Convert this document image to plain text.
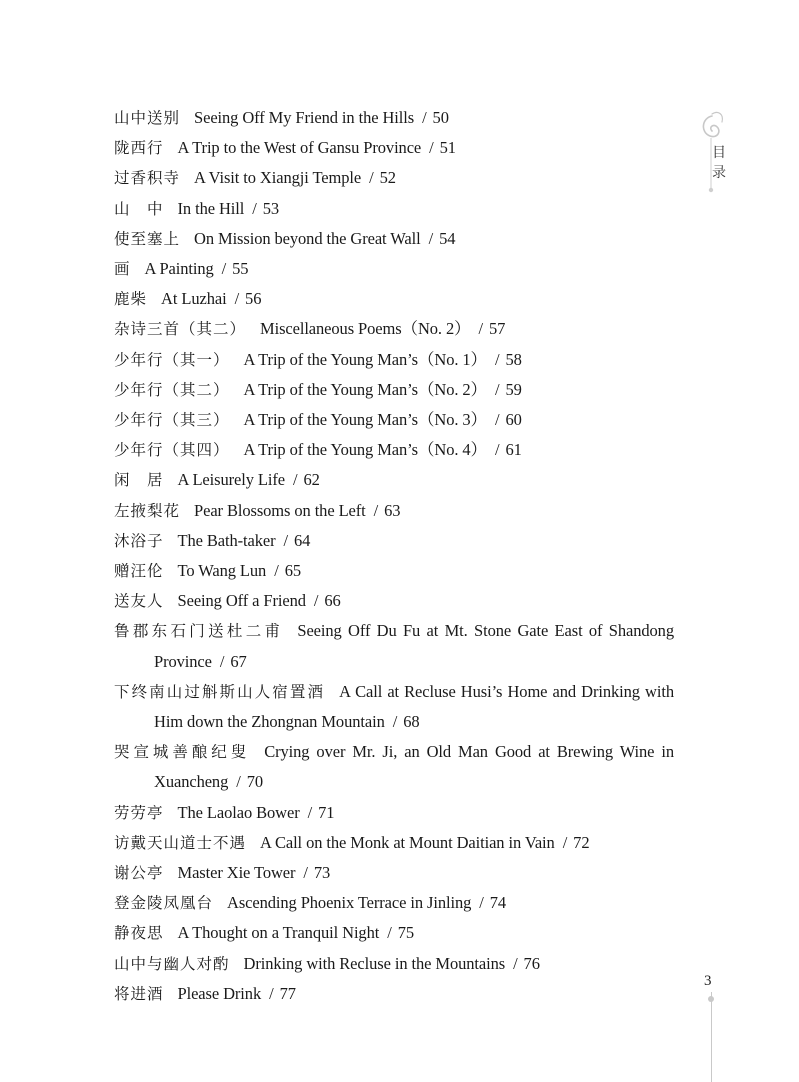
山中送别 Seeing Off My Friend in the Hills / 50
陇西行 A Trip to the West of Gansu Province / 51
过香积寺 A Visit to Xiangji Temple / 52
山　中 In the Hill / 53
使至塞上 On Mission beyond the Great Wall / 54
画 A Painting / 55
鹿柴 At Luzhai / 56
杂诗三首（其二） Miscellaneous Poems（No. 2） / 57
少年行（其一） A Trip of the Young Man’s（No. 1） / 58
少年行（其二） A Trip of the Young Man’s（No. 2） / 59
少年行（其三） A Trip of the Young Man’s（No. 3） / 60
少年行（其四） A Trip of the Young Man’s（No. 4） / 61
闲　居 A Leisurely Life / 62
左掖梨花 Pear Blossoms on the Left / 63
沐浴子 The Bath-taker / 64
赠汪伦 To Wang Lun / 65
送友人 Seeing Off a Friend / 66
鲁郡东石门送杜二甫 Seeing Off Du Fu at Mt. Stone Gate East of Shandong Province / 67
下终南山过斛斯山人宿置酒 A Call at Recluse Husi’s Home and Drinking with Him down the Zhongnan Mountain / 68
哭宣城善酿纪叟 Crying over Mr. Ji, an Old Man Good at Brewing Wine in Xuancheng / 70
劳劳亭 The Laolao Bower / 71
访戴天山道士不遇 A Call on the Monk at Mount Daitian in Vain / 72
谢公亭 Master Xie Tower / 73
登金陵凤凰台 Ascending Phoenix Terrace in Jinling / 74
静夜思 A Thought on a Tranquil Night / 75
山中与幽人对酌 Drinking with Recluse in the Mountains / 76
将进酒 Please Drink / 77
目
录
3
